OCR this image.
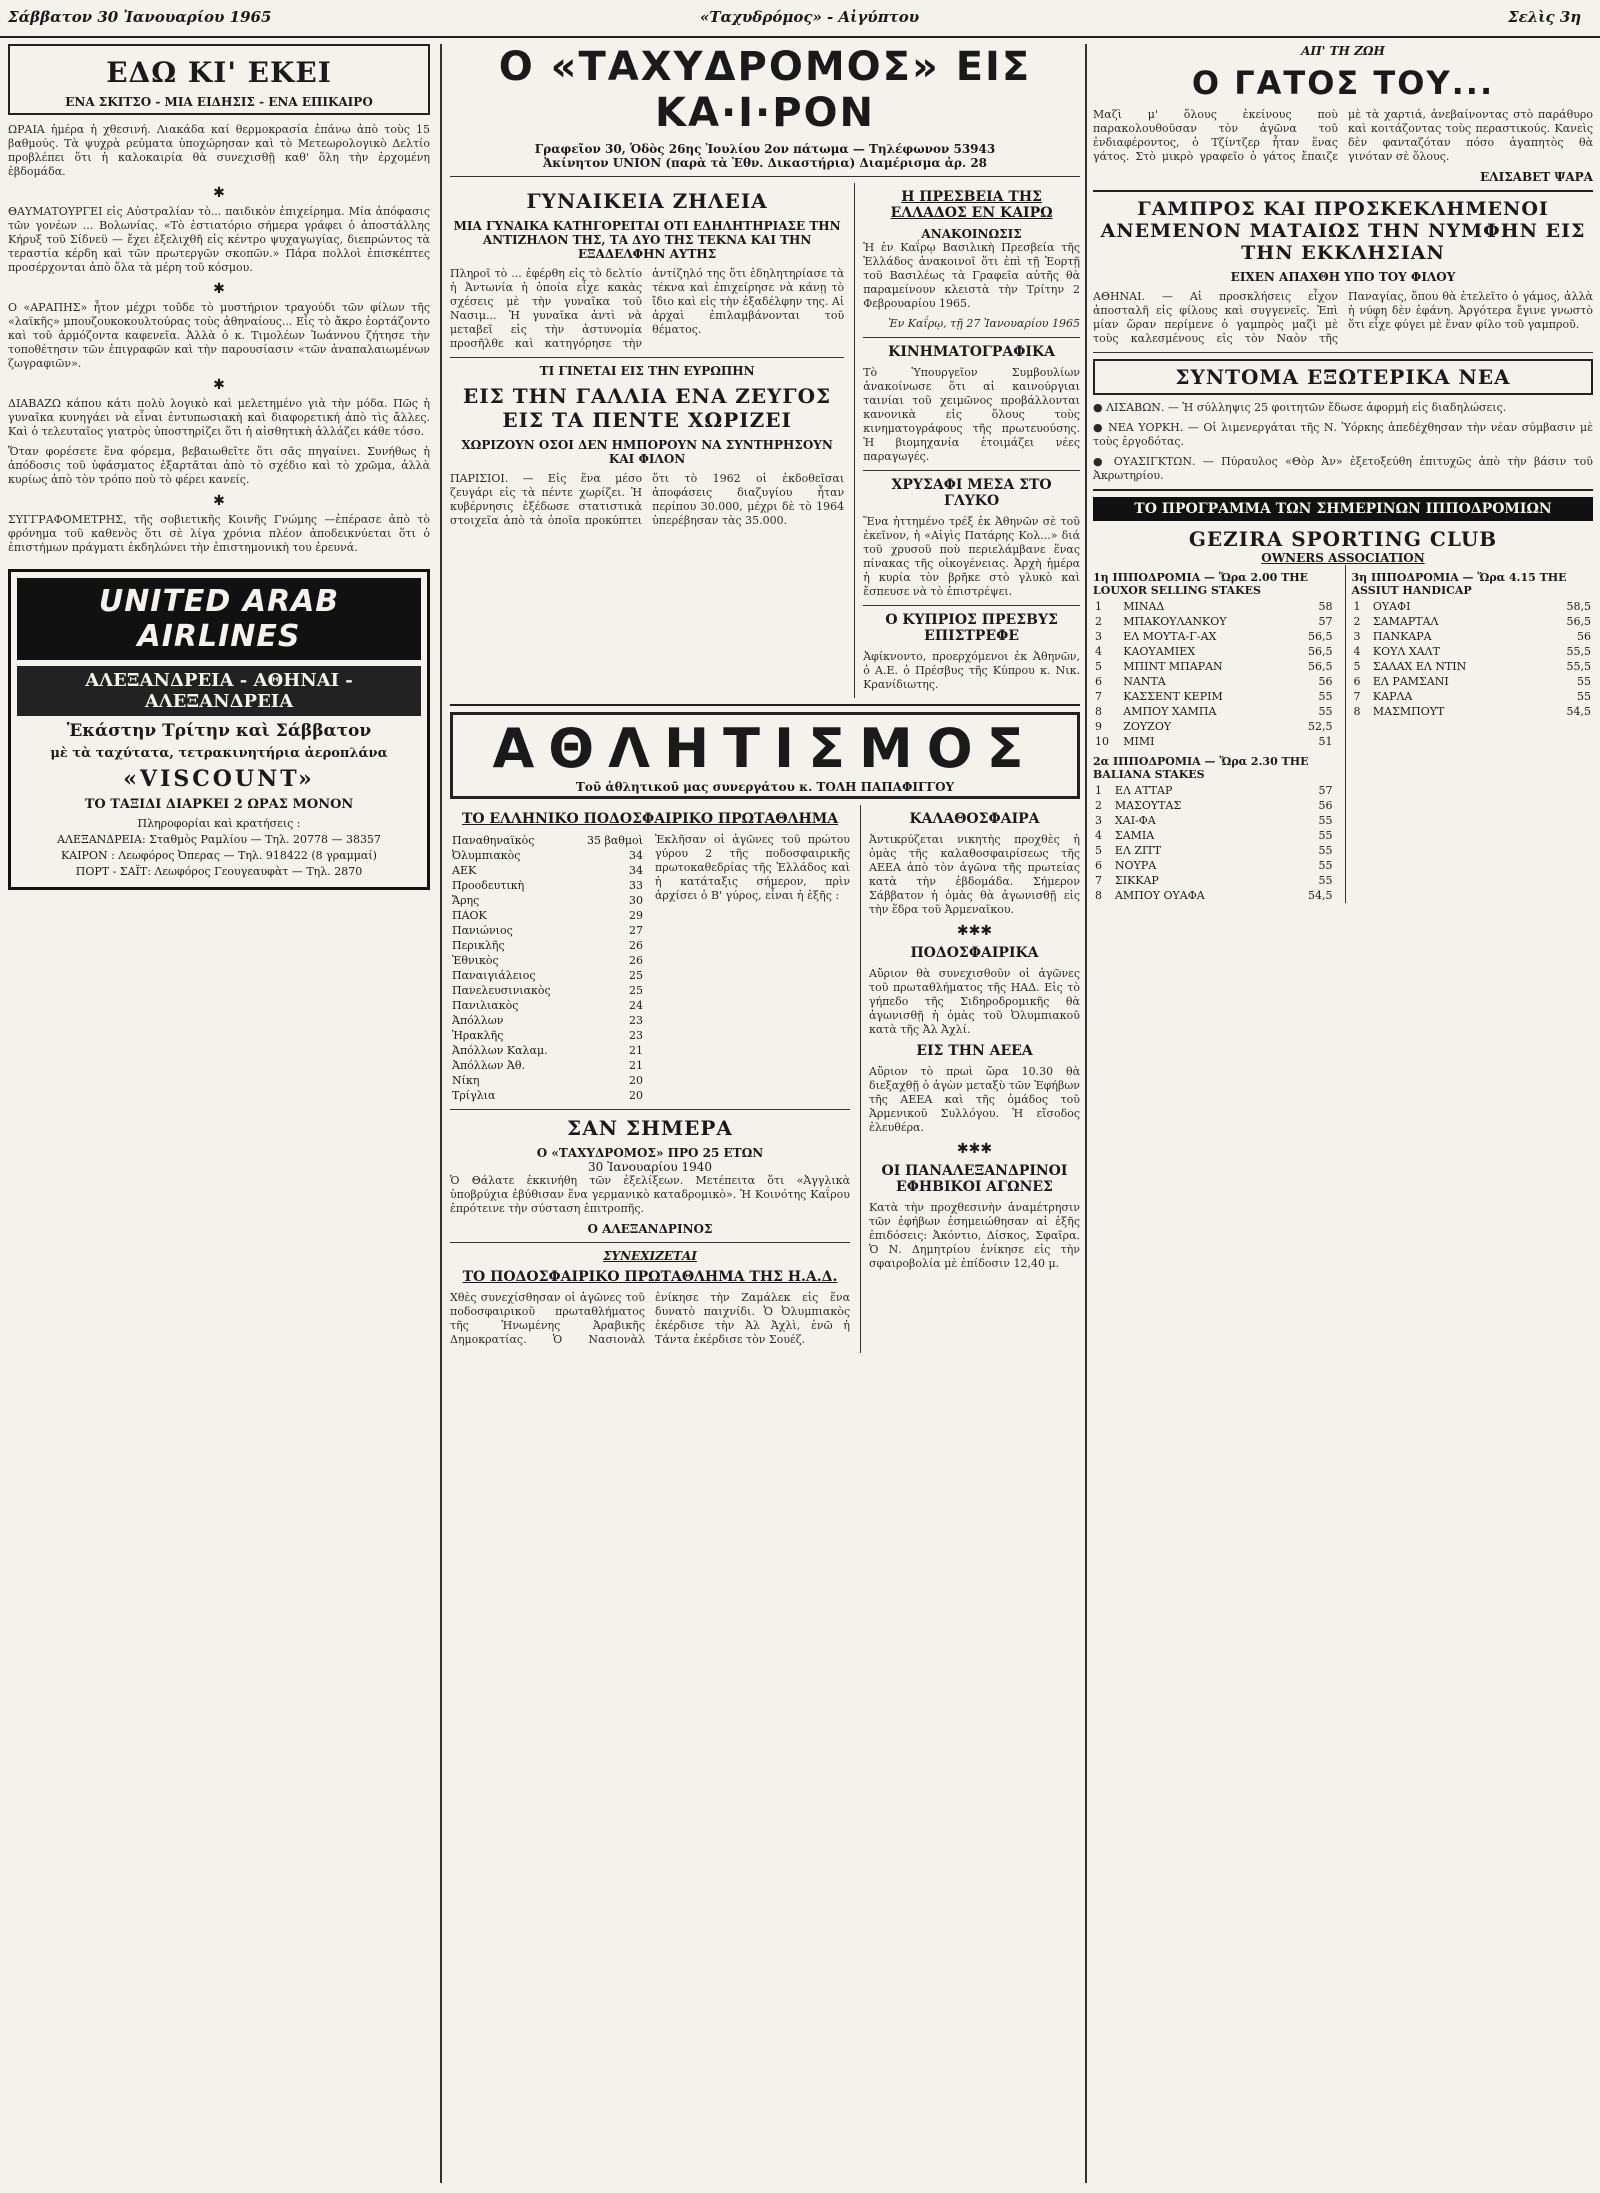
Σάββατον 30 Ἰανουαρίου 1965	«Ταχυδρόμος» - Αἰγύπτου	Σελὶς 3η
ΕΔΩ ΚΙ' ΕΚΕΙ
ΕΝΑ ΣΚΙΤΣΟ - ΜΙΑ ΕΙΔΗΣΙΣ - ΕΝΑ ΕΠΙΚΑΙΡΟ

ΩΡΑΙΑ ἡμέρα ἡ χθεσινή. Λιακάδα καί θερμοκρασία ἐπάνω ἀπὸ τοὺς 15 βαθμούς. Τὰ ψυχρὰ ρεύματα ὑποχώρησαν καὶ τὸ Μετεωρολογικὸ Δελτίο προβλέπει ὅτι ἡ καλοκαιρία θὰ συνεχισθῇ καθ' ὅλη τὴν ἐρχομένη ἑβδομάδα.

✱

ΘΑΥΜΑΤΟΥΡΓΕΙ εἰς Αὐστραλίαν τὸ... παιδικὸν ἐπιχείρημα. Μία ἀπόφασις τῶν γονέων ... Βολωνίας. «Τὸ ἐστιατόριο σήμερα γράφει ὁ ἀποστάλλης Κήρυξ τοῦ Σίδνεϋ — ἔχει ἐξελιχθῆ εἰς κέντρο ψυχαγωγίας, διεπρώντος τὰ τεραστία κέρδη καὶ τῶν πρωτεργῶν σκοπῶν.» Πάρα πολλοὶ ἐπισκέπτες προσέρχονται ἀπὸ ὅλα τὰ μέρη τοῦ κόσμου.

✱

Ο «ΑΡΑΠΗΣ» ἦτον μέχρι τοῦδε τὸ μυστήριον τραγούδι τῶν φίλων τῆς «λαϊκῆς» μπουζουκοκουλτούρας τοὺς ἀθηναίους... Εἶς τὸ ἄκρο ἑορτάζοντο καὶ τοῦ ἀρμόζοντα καφενεῖα. Ἀλλὰ ὁ κ. Τιμολέων Ἰωάννου ζήτησε τὴν τοποθέτησιν τῶν ἐπιγραφῶν καὶ τὴν παρουσίασιν «τῶν ἀναπαλαιωμένων ζωγραφιῶν».

✱

ΔΙΑΒΑΖΩ κάπου κάτι πολὺ λογικὸ καὶ μελετημένο γιὰ τὴν μόδα. Πῶς ἡ γυναῖκα κυνηγάει νὰ εἶναι ἐντυπωσιακὴ καὶ διαφορετική ἀπὸ τὶς ἄλλες. Καὶ ὁ τελευταῖος γιατρὸς ὑποστηρίζει ὅτι ἡ αἰσθητικὴ ἀλλάζει κάθε τόσο.

Ὅταν φορέσετε ἕνα φόρεμα, βεβαιωθεῖτε ὅτι σᾶς πηγαίνει. Συνήθως ἡ ἀπόδοσις τοῦ ὑφάσματος ἐξαρτᾶται ἀπὸ τὸ σχέδιο καὶ τὸ χρῶμα, ἀλλὰ κυρίως ἀπὸ τὸν τρόπο ποὺ τὸ φέρει κανείς.

✱

ΣΥΓΓΡΑΦΟΜΕΤΡΗΣ, τῆς σοβιετικῆς Κοινῆς Γνώμης —ἐπέρασε ἀπὸ τὸ φρόνημα τοῦ καθενὸς ὅτι σὲ λίγα χρόνια πλέον ἀποδεικνύεται ὅτι ὁ ἐπιστήμων πράγματι ἐκδηλώνει τὴν ἐπιστημονικὴ του ἐρευνά.

UNITED ARAB AIRLINES
ΑΛΕΞΑΝΔΡΕΙΑ - ΑΘΗΝΑΙ - ΑΛΕΞΑΝΔΡΕΙΑ
Ἑκάστην Τρίτην καὶ Σάββατον
μὲ τὰ ταχύτατα, τετρακινητήρια ἀεροπλάνα
«VISCOUNT»
ΤΟ ΤΑΞΙΔΙ ΔΙΑΡΚΕΙ 2 ΩΡΑΣ ΜΟΝΟΝ
Πληροφορίαι καὶ κρατήσεις :
ΑΛΕΞΑΝΔΡΕΙΑ: Σταθμὸς Ραμλίου — Τηλ. 20778 — 38357
ΚΑΙΡΟΝ : Λεωφόρος Ὀπερας — Τηλ. 918422 (8 γραμμαί)
ΠΟΡΤ - ΣΑΪΤ: Λεωφόρος Γεουγεαυφὰτ — Τηλ. 2870
Ο «ΤΑΧΥΔΡΟΜΟΣ» ΕΙΣ ΚΑ·Ι·ΡΟΝ
Γραφεῖον 30, Ὁδὸς 26ης Ἰουλίου 2ον πάτωμα — Τηλέφωνον 53943
Ἀκίνητον UNION (παρὰ τὰ Ἐθν. Δικαστήρια) Διαμέρισμα ἀρ. 28
ΓΥΝΑΙΚΕΙΑ ΖΗΛΕΙΑ
ΜΙΑ ΓΥΝΑΙΚΑ ΚΑΤΗΓΟΡΕΙΤΑΙ ΟΤΙ ΕΔΗΛΗΤΗΡΙΑΣΕ ΤΗΝ ΑΝΤΙΖΗΛΟΝ ΤΗΣ, ΤΑ ΔΥΟ ΤΗΣ ΤΕΚΝΑ ΚΑΙ ΤΗΝ ΕΞΑΔΕΛΦΗΝ ΑΥΤΗΣ

Πληροῖ τὸ ... ἐφέρθη εἰς τὸ δελτίο ἡ Ἀντωνία ἡ ὁποία εἶχε κακὰς σχέσεις μὲ τὴν γυναῖκα τοῦ Νασιμ... Ἡ γυναῖκα ἀντὶ νὰ μεταβεῖ εἰς τὴν ἀστυνομία προσῆλθε καὶ κατηγόρησε τὴν ἀντίζηλό της ὅτι ἐδηλητηρίασε τὰ τέκνα καὶ ἐπιχείρησε νὰ κάνῃ τὸ ἴδιο καὶ εἰς τὴν ἐξαδέλφην της. Αἱ ἀρχαὶ ἐπιλαμβάνονται τοῦ θέματος.

ΤΙ ΓΙΝΕΤΑΙ ΕΙΣ ΤΗΝ ΕΥΡΩΠΗΝ
ΕΙΣ ΤΗΝ ΓΑΛΛΙΑ ΕΝΑ ΖΕΥΓΟΣ ΕΙΣ ΤΑ ΠΕΝΤΕ ΧΩΡΙΖΕΙ
ΧΩΡΙΖΟΥΝ ΟΣΟΙ ΔΕΝ ΗΜΠΟΡΟΥΝ ΝΑ ΣΥΝΤΗΡΗΣΟΥΝ ΚΑΙ ΦΙΛΟΝ

ΠΑΡΙΣΙΟΙ. — Εἰς ἕνα μέσο ζευγάρι εἰς τὰ πέντε χωρίζει. Ἡ κυβέρνησις ἐξέδωσε στατιστικὰ στοιχεῖα ἀπὸ τὰ ὁποῖα προκύπτει ὅτι τὸ 1962 οἱ ἐκδοθεῖσαι ἀποφάσεις διαζυγίου ἦταν περίπου 30.000, μέχρι δὲ τὸ 1964 ὑπερέβησαν τὰς 35.000.

Η ΠΡΕΣΒΕΙΑ ΤΗΣ ΕΛΛΑΔΟΣ ΕΝ ΚΑΙΡΩ
ΑΝΑΚΟΙΝΩΣΙΣ

Ἡ ἐν Καΐρῳ Βασιλικὴ Πρεσβεία τῆς Ἑλλάδος ἀνακοινοῖ ὅτι ἐπὶ τῇ Ἑορτῇ τοῦ Βασιλέως τὰ Γραφεῖα αὐτῆς θὰ παραμείνουν κλειστὰ τὴν Τρίτην 2 Φεβρουαρίου 1965.

Ἐν Καΐρῳ, τῇ 27 Ἰανουαρίου 1965

ΚΙΝΗΜΑΤΟΓΡΑΦΙΚΑ

Τὸ Ὑπουργεῖον Συμβουλίων ἀνακοίνωσε ὅτι αἱ καινούργιαι ταινίαι τοῦ χειμῶνος προβάλλονται κανονικὰ εἰς ὅλους τοὺς κινηματογράφους τῆς πρωτευούσης. Ἡ βιομηχανία ἑτοιμάζει νέες παραγωγές.

ΧΡΥΣΑΦΙ ΜΕΣΑ ΣΤΟ ΓΛΥΚΟ

Ἕνα ἡττημένο τρέξ ἐκ Ἀθηνῶν σὲ τοῦ ἐκεῖνον, ἡ «Αἰγὶς Πατάρης Κολ...» διά τοῦ χρυσοῦ ποὺ περιελάμβανε ἕνας πίνακας τῆς οἰκογένειας. Ἀρχὴ ἡμέρα ἡ κυρία τὸν βρῆκε στὸ γλυκὸ καὶ ἔσπευσε νὰ τὸ ἐπιστρέψει.

Ο ΚΥΠΡΙΟΣ ΠΡΕΣΒΥΣ ΕΠΙΣΤΡΕΦΕ

Ἀφίκνοντο, προερχόμενοι ἐκ Ἀθηνῶν, ὁ Α.Ε. ὁ Πρέσβυς τῆς Κύπρου κ. Νικ. Κρανίδιωτης.

ΑΘΛΗΤΙΣΜΟΣ
Τοῦ ἀθλητικοῦ μας συνεργάτου κ. ΤΟΛΗ ΠΑΠΑΦΙΓΓΟΥ
ΤΟ ΕΛΛΗΝΙΚΟ ΠΟΔΟΣΦΑΙΡΙΚΟ ΠΡΩΤΑΘΛΗΜΑ
Παναθηναϊκὸς	35 βαθμοὶ
Ὀλυμπιακὸς	34
ΑΕΚ	34
Προοδευτικὴ	33
Ἄρης	30
ΠΑΟΚ	29
Πανιώνιος	27
Περικλῆς	26
Ἐθνικὸς	26
Παναιγιάλειος	25
Πανελευσινιακὸς	25
Πανιλιακὸς	24
Ἀπόλλων	23
Ἡρακλῆς	23
Ἀπόλλων Καλαμ.	21
Ἀπόλλων Ἀθ.	21
Νίκη	20
Τρίγλια	20

Ἐκλῆσαν οἱ ἀγῶνες τοῦ πρώτου γύρου 2 τῆς ποδοσφαιρικῆς πρωτοκαθεδρίας τῆς Ἑλλάδος καὶ ἡ κατάταξις σήμερον, πρὶν ἀρχίσει ὁ Β' γύρος, εἶναι ἡ ἑξῆς :

ΣΑΝ ΣΗΜΕΡΑ
Ο «ΤΑΧΥΔΡΟΜΟΣ» ΠΡΟ 25 ΕΤΩΝ
30 Ἰανουαρίου 1940

Ὁ Θάλατε ἐκκινήθη τῶν ἐξελίξεων. Μετέπειτα ὅτι «Ἀγγλικὰ ὑποβρύχια ἐβύθισαν ἕνα γερμανικὸ καταδρομικὸ». Ἡ Κοινότης Καΐρου ἐπρότεινε τὴν σύσταση ἐπιτροπῆς.

Ο ΑΛΕΞΑΝΔΡΙΝΟΣ
ΣΥΝΕΧΙΖΕΤΑΙ
ΤΟ ΠΟΔΟΣΦΑΙΡΙΚΟ ΠΡΩΤΑΘΛΗΜΑ ΤΗΣ Η.Α.Δ.

Χθὲς συνεχίσθησαν οἱ ἀγῶνες τοῦ ποδοσφαιρικοῦ πρωταθλήματος τῆς Ἡνωμένης Ἀραβικῆς Δημοκρατίας. Ὁ Νασιονὰλ ἐνίκησε τὴν Ζαμάλεκ εἰς ἕνα δυνατὸ παιχνίδι. Ὁ Ὀλυμπιακὸς ἐκέρδισε τὴν Ἀλ Ἀχλὶ, ἐνῶ ἡ Τάντα ἐκέρδισε τὸν Σουέζ.

ΚΑΛΑΘΟΣΦΑΙΡΑ

Ἀντικρύζεται νικητὴς προχθὲς ἡ ὁμὰς τῆς καλαθοσφαιρίσεως τῆς ΑΕΕΑ ἀπὸ τὸν ἀγῶνα τῆς πρωτείας κατὰ τὴν ἑβδομάδα. Σήμερον Σάββατον ἡ ὁμὰς θὰ ἀγωνισθῇ εἰς τὴν ἕδρα τοῦ Ἀρμεναῖκου.

✱✱✱
ΠΟΔΟΣΦΑΙΡΙΚΑ

Αὔριον θὰ συνεχισθοῦν οἱ ἀγῶνες τοῦ πρωταθλήματος τῆς ΗΑΔ. Εἰς τὸ γήπεδο τῆς Σιδηροδρομικῆς θὰ ἀγωνισθῇ ἡ ὁμὰς τοῦ Ὀλυμπιακοῦ κατὰ τῆς Ἀλ Ἀχλί.

ΕΙΣ ΤΗΝ ΑΕΕΑ

Αὔριον τὸ πρωὶ ὥρα 10.30 θὰ διεξαχθῇ ὁ ἀγὼν μεταξὺ τῶν Ἐφήβων τῆς ΑΕΕΑ καὶ τῆς ὁμάδος τοῦ Ἀρμενικοῦ Συλλόγου. Ἡ εἴσοδος ἐλευθέρα.

✱✱✱
ΟΙ ΠΑΝΑΛΕΞΑΝΔΡΙΝΟΙ ΕΦΗΒΙΚΟΙ ΑΓΩΝΕΣ

Κατὰ τὴν προχθεσινὴν ἀναμέτρησιν τῶν ἐφήβων ἐσημειώθησαν αἱ ἑξῆς ἐπιδόσεις: Ἀκόντιο, Δίσκος, Σφαῖρα. Ὁ Ν. Δημητρίου ἐνίκησε εἰς τὴν σφαιροβολία μὲ ἐπίδοσιν 12,40 μ.

ΑΠ' ΤΗ ΖΩΗ
Ο ΓΑΤΟΣ ΤΟΥ...

Μαζὶ μ' ὅλους ἐκείνους ποὺ παρακολουθοῦσαν τὸν ἀγῶνα τοῦ ἐνδιαφέροντος, ὁ Τζίντζερ ἦταν ἕνας γάτος. Στὸ μικρὸ γραφεῖο ὁ γάτος ἔπαιζε μὲ τὰ χαρτιά, ἀνεβαίνοντας στὸ παράθυρο καὶ κοιτάζοντας τοὺς περαστικούς. Κανεὶς δὲν φανταζόταν πόσο ἀγαπητὸς θὰ γινόταν σὲ ὅλους.

ΕΛΙΣΑΒΕΤ ΨΑΡΑ
ΓΑΜΠΡΟΣ ΚΑΙ ΠΡΟΣΚΕΚΛΗΜΕΝΟΙ ΑΝΕΜΕΝΟΝ ΜΑΤΑΙΩΣ ΤΗΝ ΝΥΜΦΗΝ ΕΙΣ ΤΗΝ ΕΚΚΛΗΣΙΑΝ
ΕΙΧΕΝ ΑΠΑΧΘΗ ΥΠΟ ΤΟΥ ΦΙΛΟΥ

ΑΘΗΝΑΙ. — Αἱ προσκλήσεις εἶχον ἀποσταλῆ εἰς φίλους καὶ συγγενεῖς. Ἐπὶ μίαν ὥραν περίμενε ὁ γαμπρὸς μαζὶ μὲ τοὺς καλεσμένους εἰς τὸν Ναὸν τῆς Παναγίας, ὅπου θὰ ἐτελεῖτο ὁ γάμος, ἀλλὰ ἡ νύφη δὲν ἐφάνη. Ἀργότερα ἔγινε γνωστὸ ὅτι εἶχε φύγει μὲ ἕναν φίλο τοῦ γαμπροῦ.

ΣΥΝΤΟΜΑ ΕΞΩΤΕΡΙΚΑ ΝΕΑ

● ΛΙΣΑΒΩΝ. — Ἡ σύλληψις 25 φοιτητῶν ἔδωσε ἀφορμὴ εἰς διαδηλώσεις.

● ΝΕΑ ΥΟΡΚΗ. — Οἱ λιμενεργάται τῆς Ν. Ὑόρκης ἀπεδέχθησαν τὴν νέαν σύμβασιν μὲ τοὺς ἐργοδότας.

● ΟΥΑΣΙΓΚΤΩΝ. — Πύραυλος «Θὸρ Ἀν» ἐξετοξεύθη ἐπιτυχῶς ἀπὸ τὴν βάσιν τοῦ Ἀκρωτηρίου.

ΤΟ ΠΡΟΓΡΑΜΜΑ ΤΩΝ ΣΗΜΕΡΙΝΩΝ ΙΠΠΟΔΡΟΜΙΩΝ
GEZIRA SPORTING CLUB
OWNERS ASSOCIATION
1η ΙΠΠΟΔΡΟΜΙΑ — Ὥρα 2.00 THE LOUXOR SELLING STAKES
1	ΜΙΝΑΔ	58
2	ΜΠΑΚΟΥΛΑΝΚΟΥ	57
3	ΕΛ ΜΟΥΤΑ-Γ-ΑΧ	56,5
4	ΚΑΟΥΑΜΙΕΧ	56,5
5	ΜΠΙΝΤ ΜΠΑΡΑΝ	56,5
6	ΝΑΝΤΑ	56
7	ΚΑΣΣΕΝΤ ΚΕΡΙΜ	55
8	ΑΜΠΟΥ ΧΑΜΠΑ	55
9	ΖΟΥΖΟΥ	52,5
10	ΜΙΜΙ	51
2α ΙΠΠΟΔΡΟΜΙΑ — Ὥρα 2.30 THE BALIANA STAKES
1	ΕΛ ΑΤΤΑΡ	57
2	ΜΑΣΟΥΤΑΣ	56
3	ΧΑΙ-ΦΑ	55
4	ΣΑΜΙΑ	55
5	ΕΛ ΖΙΤΤ	55
6	ΝΟΥΡΑ	55
7	ΣΙΚΚΑΡ	55
8	ΑΜΠΟΥ ΟΥΑΦΑ	54,5
3η ΙΠΠΟΔΡΟΜΙΑ — Ὥρα 4.15 THE ASSIUT HANDICAP
1	ΟΥΑΦΙ	58,5
2	ΣΑΜΑΡΤΑΛ	56,5
3	ΠΑΝΚΑΡΑ	56
4	ΚΟΥΛ ΧΑΛΤ	55,5
5	ΣΑΛΑΧ ΕΛ ΝΤΙΝ	55,5
6	ΕΛ ΡΑΜΣΑΝΙ	55
7	ΚΑΡΛΑ	55
8	ΜΑΣΜΠΟΥΤ	54,5
